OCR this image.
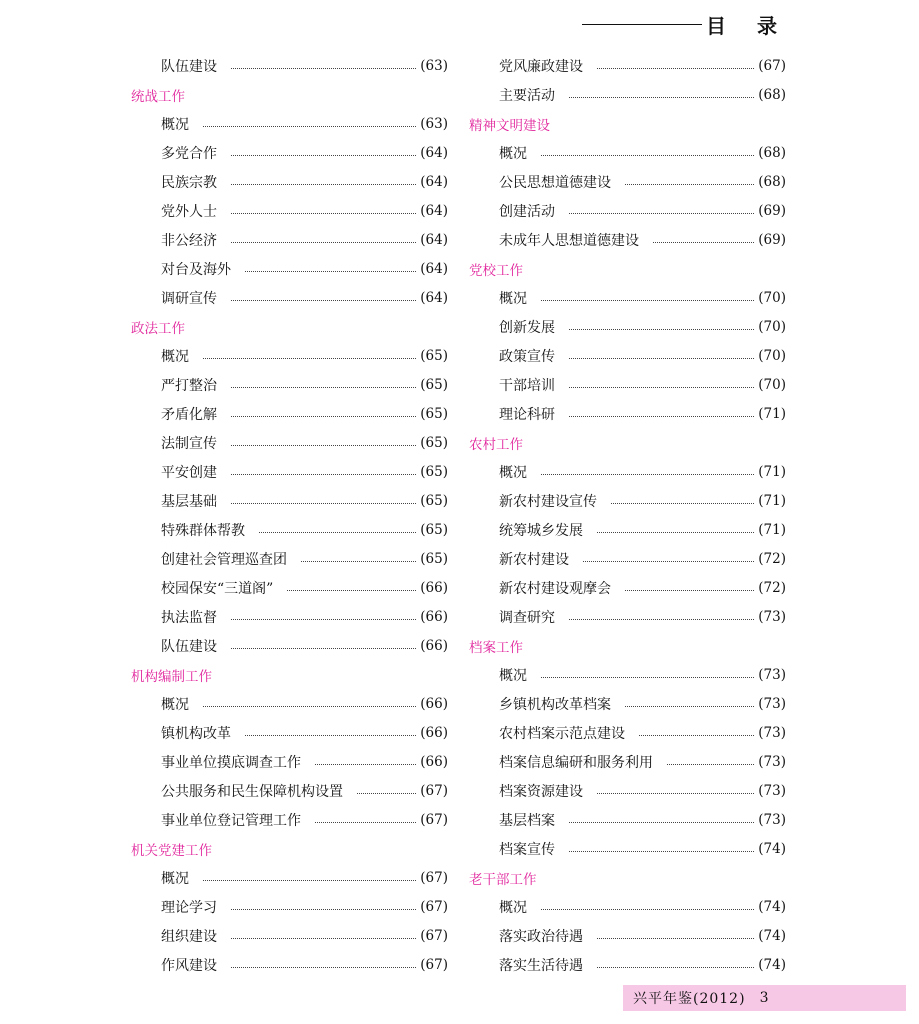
目 录
队伍建设	(63)
统战工作
概况	(63)
多党合作	(64)
民族宗教	(64)
党外人士	(64)
非公经济	(64)
对台及海外	(64)
调研宣传	(64)
政法工作
概况	(65)
严打整治	(65)
矛盾化解	(65)
法制宣传	(65)
平安创建	(65)
基层基础	(65)
特殊群体帮教	(65)
创建社会管理巡查团	(65)
校园保安“三道阁”	(66)
执法监督	(66)
队伍建设	(66)
机构编制工作
概况	(66)
镇机构改革	(66)
事业单位摸底调查工作	(66)
公共服务和民生保障机构设置	(67)
事业单位登记管理工作	(67)
机关党建工作
概况	(67)
理论学习	(67)
组织建设	(67)
作风建设	(67)
党风廉政建设	(67)
主要活动	(68)
精神文明建设
概况	(68)
公民思想道德建设	(68)
创建活动	(69)
未成年人思想道德建设	(69)
党校工作
概况	(70)
创新发展	(70)
政策宣传	(70)
干部培训	(70)
理论科研	(71)
农村工作
概况	(71)
新农村建设宣传	(71)
统筹城乡发展	(71)
新农村建设	(72)
新农村建设观摩会	(72)
调查研究	(73)
档案工作
概况	(73)
乡镇机构改革档案	(73)
农村档案示范点建设	(73)
档案信息编研和服务利用	(73)
档案资源建设	(73)
基层档案	(73)
档案宣传	(74)
老干部工作
概况	(74)
落实政治待遇	(74)
落实生活待遇	(74)
兴平年鉴(2012) 3
